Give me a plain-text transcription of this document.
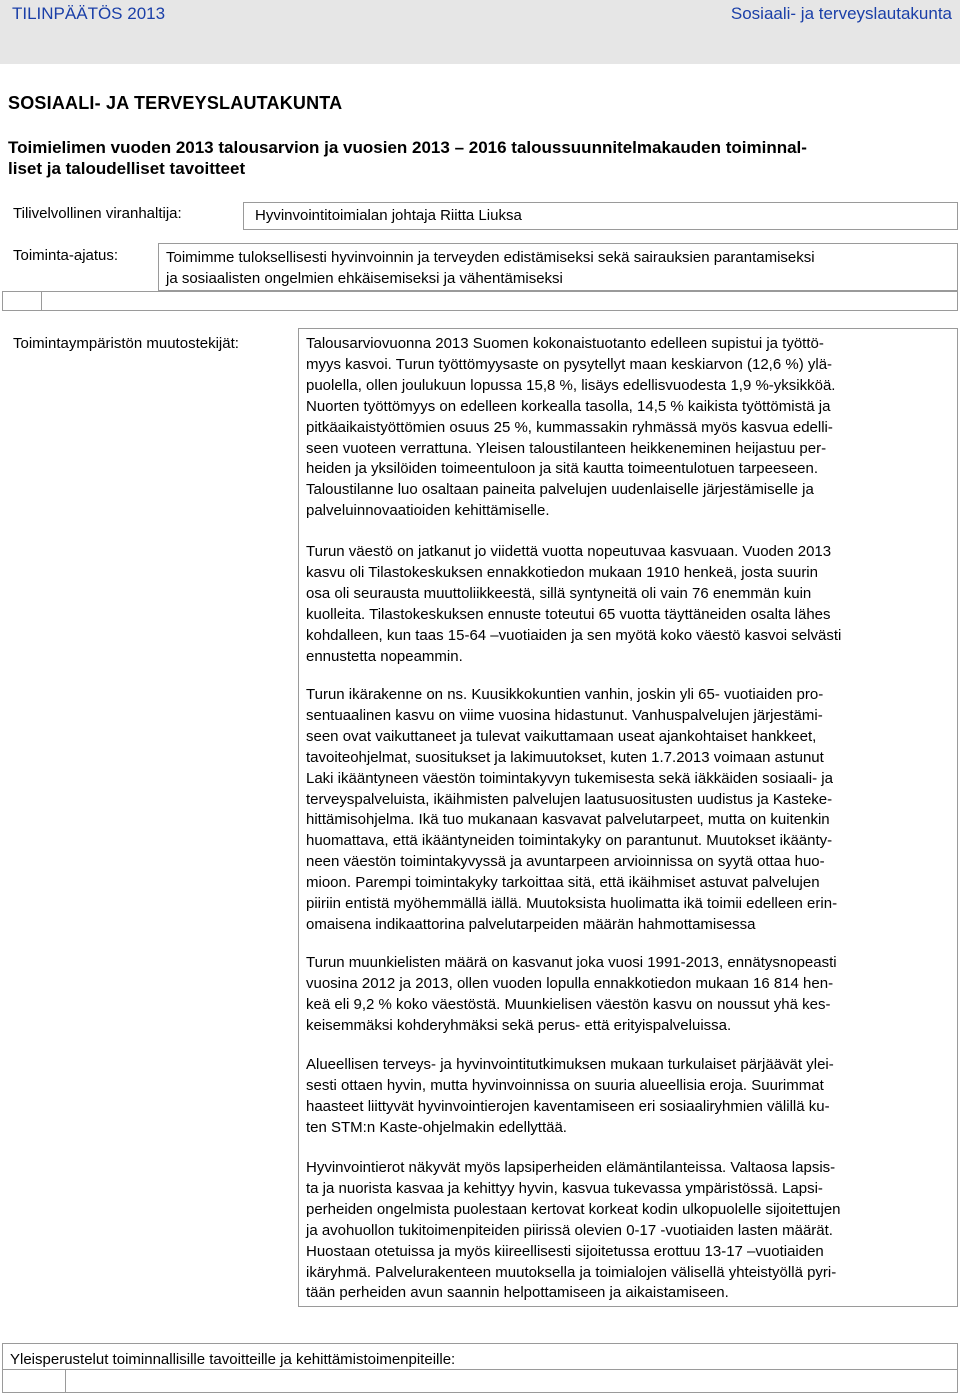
TILINPÄÄTÖS 2013	Sosiaali- ja terveyslautakunta
SOSIAALI- JA TERVEYSLAUTAKUNTA
Toimielimen vuoden 2013 talousarvion ja vuosien 2013 – 2016 taloussuunnitelmakauden toiminnal-
liset ja taloudelliset tavoitteet
Tilivelvollinen viranhaltija:	Hyvinvointitoimialan johtaja Riitta Liuksa
Toiminta-ajatus:	Toimimme tuloksellisesti hyvinvoinnin ja terveyden edistämiseksi sekä sairauksien parantamiseksi
ja sosiaalisten ongelmien ehkäisemiseksi ja vähentämiseksi
Toimintaympäristön muutostekijät:	Talousarviovuonna 2013 Suomen kokonaistuotanto edelleen supistui ja työttö-

myys kasvoi. Turun työttömyysaste on pysytellyt maan keskiarvon (12,6 %) ylä-

puolella, ollen joulukuun lopussa 15,8 %, lisäys edellisvuodesta 1,9 %-yksikköä.

Nuorten työttömyys on edelleen korkealla tasolla, 14,5 % kaikista työttömistä ja

pitkäaikaistyöttömien osuus 25 %, kummassakin ryhmässä myös kasvua edelli-

seen vuoteen verrattuna. Yleisen taloustilanteen heikkeneminen heijastuu per-

heiden ja yksilöiden toimeentuloon ja sitä kautta toimeentulotuen tarpeeseen.

Taloustilanne luo osaltaan paineita palvelujen uudenlaiselle järjestämiselle ja

palveluinnovaatioiden kehittämiselle.

Turun väestö on jatkanut jo viidettä vuotta nopeutuvaa kasvuaan. Vuoden 2013

kasvu oli Tilastokeskuksen ennakkotiedon mukaan 1910 henkeä, josta suurin

osa oli seurausta muuttoliikkeestä, sillä syntyneitä oli vain 76 enemmän kuin

kuolleita. Tilastokeskuksen ennuste toteutui 65 vuotta täyttäneiden osalta lähes

kohdalleen, kun taas 15-64 –vuotiaiden ja sen myötä koko väestö kasvoi selvästi

ennustetta nopeammin.

Turun ikärakenne on ns. Kuusikkokuntien vanhin, joskin yli 65- vuotiaiden pro-

sentuaalinen kasvu on viime vuosina hidastunut. Vanhuspalvelujen järjestämi-

seen ovat vaikuttaneet ja tulevat vaikuttamaan useat ajankohtaiset hankkeet,

tavoiteohjelmat, suositukset ja lakimuutokset, kuten 1.7.2013 voimaan astunut

Laki ikääntyneen väestön toimintakyvyn tukemisesta sekä iäkkäiden sosiaali- ja

terveyspalveluista, ikäihmisten palvelujen laatusuositusten uudistus ja Kasteke-

hittämisohjelma. Ikä tuo mukanaan kasvavat palvelutarpeet, mutta on kuitenkin

huomattava, että ikääntyneiden toimintakyky on parantunut. Muutokset ikäänty-

neen väestön toimintakyvyssä ja avuntarpeen arvioinnissa on syytä ottaa huo-

mioon. Parempi toimintakyky tarkoittaa sitä, että ikäihmiset astuvat palvelujen

piiriin entistä myöhemmällä iällä. Muutoksista huolimatta ikä toimii edelleen erin-

omaisena indikaattorina palvelutarpeiden määrän hahmottamisessa

Turun muunkielisten määrä on kasvanut joka vuosi 1991-2013, ennätysnopeasti

vuosina 2012 ja 2013, ollen vuoden lopulla ennakkotiedon mukaan 16 814 hen-

keä eli 9,2 % koko väestöstä. Muunkielisen väestön kasvu on noussut yhä kes-

keisemmäksi kohderyhmäksi sekä perus- että erityispalveluissa.

Alueellisen terveys- ja hyvinvointitutkimuksen mukaan turkulaiset pärjäävät ylei-

sesti ottaen hyvin, mutta hyvinvoinnissa on suuria alueellisia eroja. Suurimmat

haasteet liittyvät hyvinvointierojen kaventamiseen eri sosiaaliryhmien välillä ku-

ten STM:n Kaste-ohjelmakin edellyttää.

Hyvinvointierot näkyvät myös lapsiperheiden elämäntilanteissa. Valtaosa lapsis-

ta ja nuorista kasvaa ja kehittyy hyvin, kasvua tukevassa ympäristössä. Lapsi-

perheiden ongelmista puolestaan kertovat korkeat kodin ulkopuolelle sijoitettujen

ja avohuollon tukitoimenpiteiden piirissä olevien 0-17 -vuotiaiden lasten määrät.

Huostaan otetuissa ja myös kiireellisesti sijoitetussa erottuu 13-17 –vuotiaiden

ikäryhmä. Palvelurakenteen muutoksella ja toimialojen välisellä yhteistyöllä pyri-

tään perheiden avun saannin helpottamiseen ja aikaistamiseen.

Yleisperustelut toiminnallisille tavoitteille ja kehittämistoimenpiteille:
